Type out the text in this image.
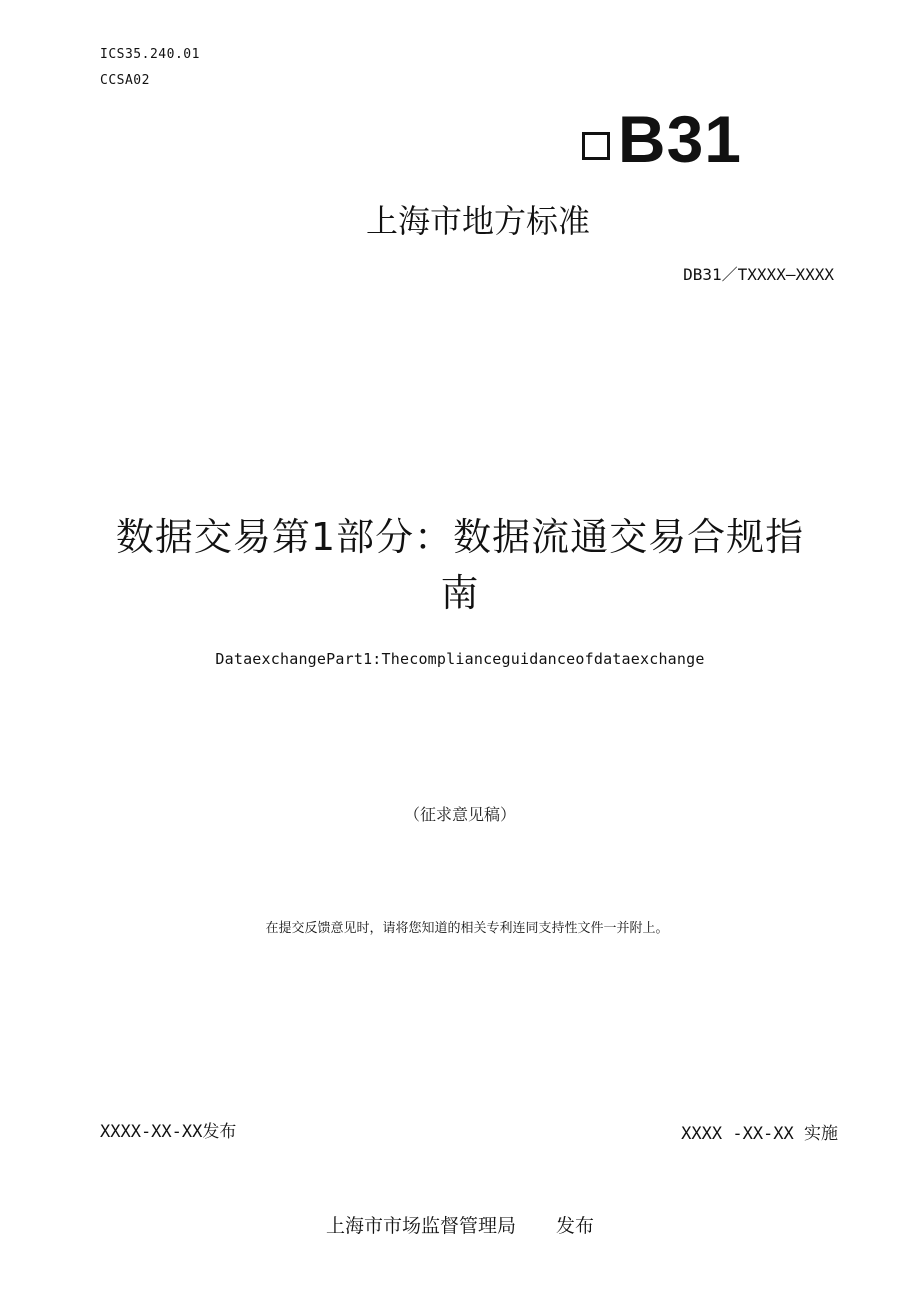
ICS35.240.01
CCSA02
B31
上海市地方标准
DB31／TXXXX—XXXX
数据交易第1部分：数据流通交易合规指
南
DataexchangePart1:Thecomplianceguidanceofdataexchange
（征求意见稿）
在提交反馈意见时，请将您知道的相关专利连同支持性文件一并附上。
XXXX-XX-XX发布	XXXX -XX-XX 实施
上海市市场监督管理局 发布
